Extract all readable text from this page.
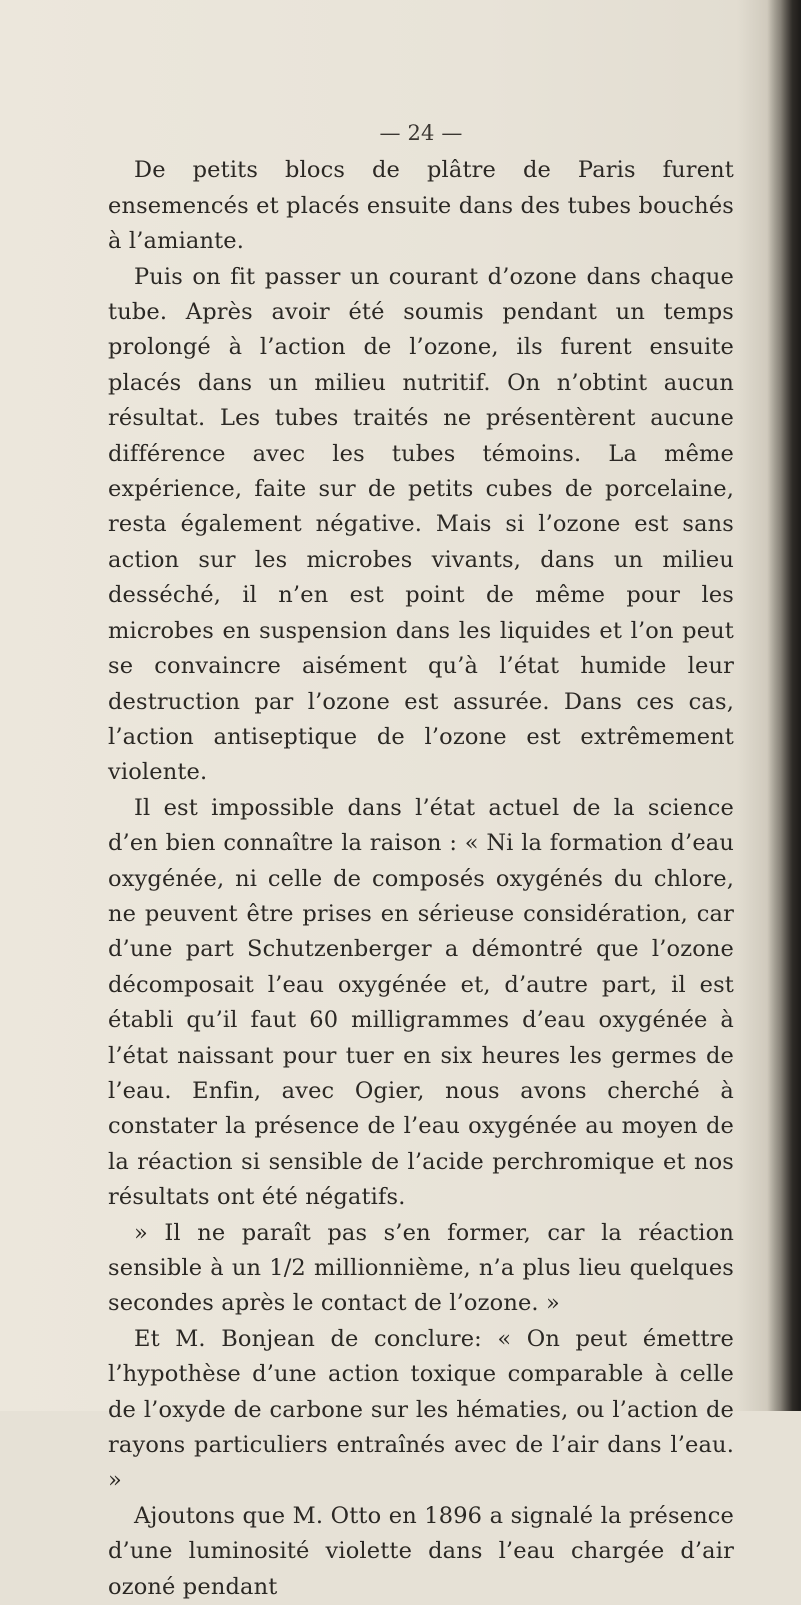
— 24 —

De petits blocs de plâtre de Paris furent ensemencés et placés ensuite dans des tubes bouchés à l’amiante.

Puis on fit passer un courant d’ozone dans chaque tube. Après avoir été soumis pendant un temps prolongé à l’action de l’ozone, ils furent ensuite placés dans un milieu nutritif. On n’obtint aucun résultat. Les tubes traités ne présentèrent aucune différence avec les tubes témoins. La même expérience, faite sur de petits cubes de porcelaine, resta également négative. Mais si l’ozone est sans action sur les microbes vivants, dans un milieu desséché, il n’en est point de même pour les microbes en suspension dans les liquides et l’on peut se convaincre aisément qu’à l’état humide leur destruction par l’ozone est assurée. Dans ces cas, l’action antiseptique de l’ozone est extrêmement violente.

Il est impossible dans l’état actuel de la science d’en bien connaître la raison : « Ni la formation d’eau oxygénée, ni celle de composés oxygénés du chlore, ne peuvent être prises en sérieuse considération, car d’une part Schutzenberger a démontré que l’ozone décomposait l’eau oxygénée et, d’autre part, il est établi qu’il faut 60 milligrammes d’eau oxygénée à l’état naissant pour tuer en six heures les germes de l’eau. Enfin, avec Ogier, nous avons cherché à constater la présence de l’eau oxygénée au moyen de la réaction si sensible de l’acide perchromique et nos résultats ont été négatifs.

» Il ne paraît pas s’en former, car la réaction sensible à un 1/2 millionnième, n’a plus lieu quelques secondes après le contact de l’ozone. »

Et M. Bonjean de conclure: « On peut émettre l’hypothèse d’une action toxique comparable à celle de l’oxyde de carbone sur les hématies, ou l’action de rayons particuliers entraînés avec de l’air dans l’eau. »

Ajoutons que M. Otto en 1896 a signalé la présence d’une luminosité violette dans l’eau chargée d’air ozoné pendant
